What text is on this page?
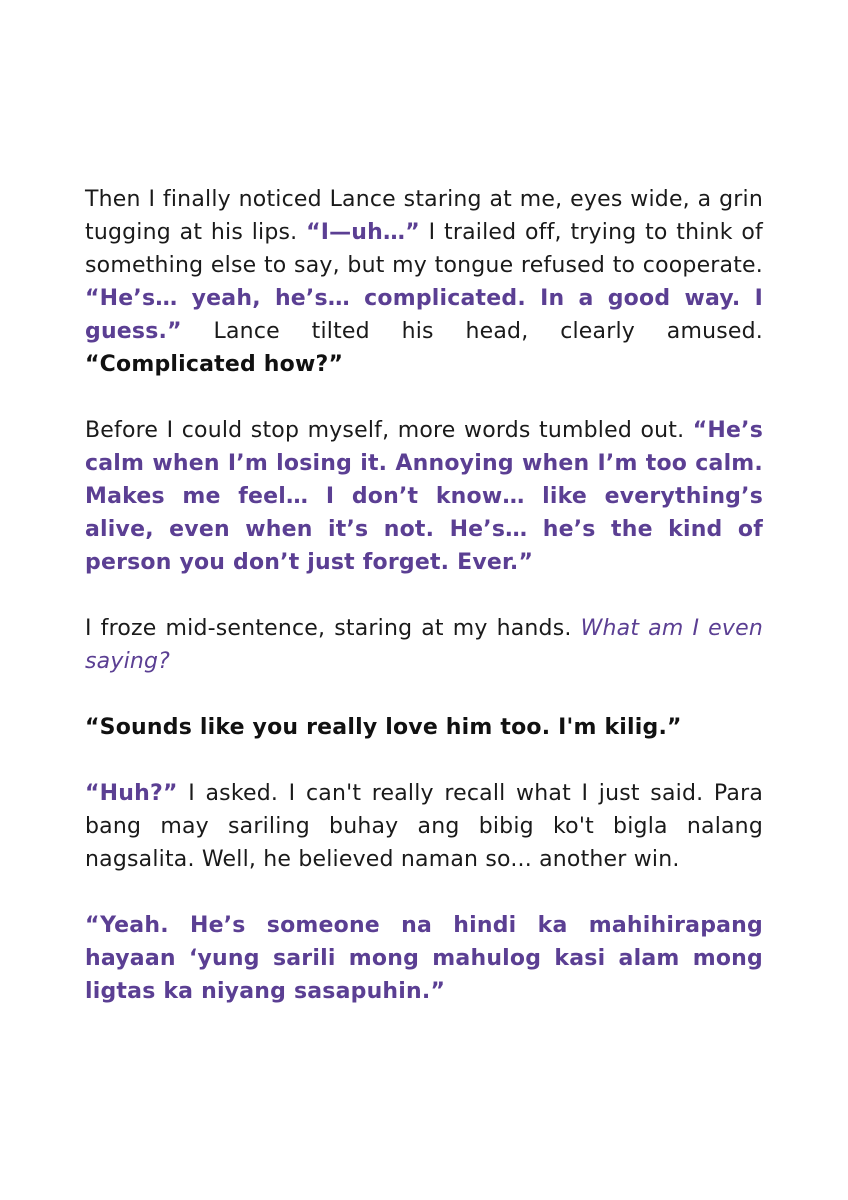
Then I finally noticed Lance staring at me, eyes wide, a grin tugging at his lips. “I—uh…” I trailed off, trying to think of something else to say, but my tongue refused to cooperate. “He’s… yeah, he’s… complicated. In a good way. I guess.” Lance tilted his head, clearly amused. “Complicated how?”

Before I could stop myself, more words tumbled out. “He’s calm when I’m losing it. Annoying when I’m too calm. Makes me feel… I don’t know… like everything’s alive, even when it’s not. He’s… he’s the kind of person you don’t just forget. Ever.”

I froze mid-sentence, staring at my hands. What am I even saying?

“Sounds like you really love him too. I'm kilig.”

“Huh?” I asked. I can't really recall what I just said. Para bang may sariling buhay ang bibig ko't bigla nalang nagsalita. Well, he believed naman so... another win.

“Yeah. He’s someone na hindi ka mahihirapang hayaan ‘yung sarili mong mahulog kasi alam mong ligtas ka niyang sasapuhin.”
